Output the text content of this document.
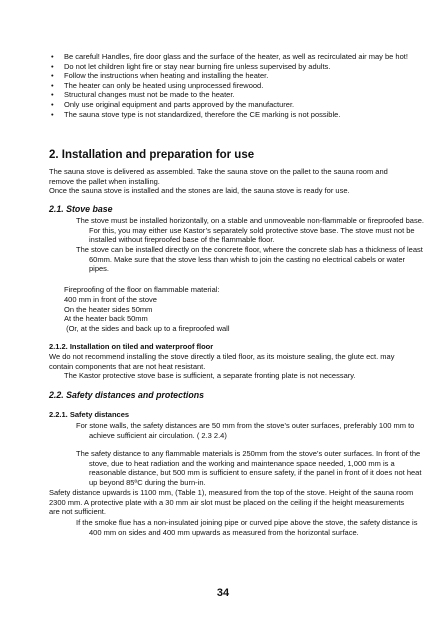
• Be careful! Handles, fire door glass and the surface of the heater, as well as recirculated air may be hot!
• Do not let children light fire or stay near burning fire unless supervised by adults.
• Follow the instructions when heating and installing the heater.
• The heater can only be heated using unprocessed firewood.
• Structural changes must not be made to the heater.
• Only use original equipment and parts approved by the manufacturer.
• The sauna stove type is not standardized, therefore the CE marking is not possible.
2. Installation and preparation for use

The sauna stove is delivered as assembled. Take the sauna stove on the pallet to the sauna room and remove the pallet when installing.

Once the sauna stove is installed and the stones are laid, the sauna stove is ready for use.

2.1. Stove base

The stove must be installed horizontally, on a stable and unmoveable non-flammable or fireproofed base. For this, you may either use Kastor’s separately sold protective stove base. The stove must not be installed without fireproofed base of the flammable floor.

The stove can be installed directly on the concrete floor, where the concrete slab has a thickness of least 60mm. Make sure that the stove less than whish to join the casting no electrical cabels or water pipes.

Fireproofing of the floor on flammable material:

400 mm in front of the stove

On the heater sides 50mm

At the heater back 50mm

(Or, at the sides and back up to a fireproofed wall

2.1.2. Installation on tiled and waterproof floor

We do not recommend installing the stove directly a tiled floor, as its moisture sealing, the glute ect. may contain components that are not heat resistant.

The Kastor protective stove base is sufficient, a separate fronting plate is not necessary.

2.2. Safety distances and protections
2.2.1. Safety distances

For stone walls, the safety distances are 50 mm from the stove’s outer surfaces, preferably 100 mm to achieve sufficient air circulation. ( 2.3 2.4)

The safety distance to any flammable materials is 250mm from the stove’s outer surfaces. In front of the stove, due to heat radiation and the working and maintenance space needed, 1,000 mm is a reasonable distance, but 500 mm is sufficient to ensure safety, if the panel in front of it does not heat up beyond 85ºC during the burn-in.

Safety distance upwards is 1100 mm, (Table 1), measured from the top of the stove. Height of the sauna room 2300 mm. A protective plate with a 30 mm air slot must be placed on the ceiling if the height measurements are not sufficient.

If the smoke flue has a non-insulated joining pipe or curved pipe above the stove, the safety distance is 400 mm on sides and 400 mm upwards as measured from the horizontal surface.

34
